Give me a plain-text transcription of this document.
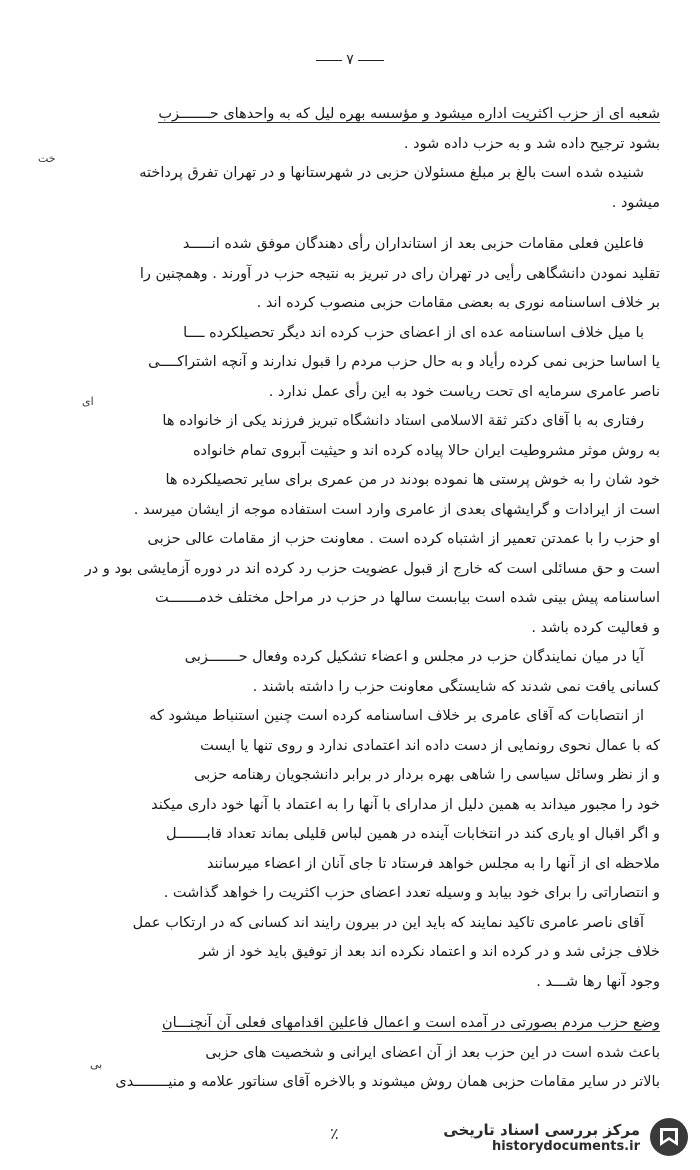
۷
شعبه ای از حزب اکثریت اداره میشود و مؤسسه بهره لیل که به واحدهای حـــــــزب
بشود ترجیح داده شد و به حزب داده شود .
شنیده شده است بالغ بر مبلغ مسئولان حزبی در شهرستانها و در تهران تفرق پرداخته
میشود .
فاعلین فعلی مقامات حزبی بعد از استانداران رأی دهندگان موفق شده انـــــد
تقلید نمودن دانشگاهی رأیی در تهران رای در تبریز به نتیجه حزب در آورند . وهمچنین را
بر خلاف اساسنامه نوری به بعضی مقامات حزبی منصوب کرده اند .
با میل خلاف اساسنامه عده ای از اعضای حزب کرده اند دیگر تحصیلکرده ــــا
یا اساسا حزبی نمی کرده رأیاد و به حال حزب مردم را قبول ندارند و آنچه اشتراکــــی
ناصر عامری سرمایه ای تحت ریاست خود به این رأی عمل ندارد .
رفتاری به با آقای دکتر ثقة الاسلامی استاد دانشگاه تبریز فرزند یکی از خانواده ها
به روش موثر مشروطیت ایران حالا پیاده کرده اند و حیثیت آبروی تمام خانواده
خود شان را به خوش پرستی ها نموده بودند در من عمری برای سایر تحصیلکرده ها
است از ایرادات و گرایشهای بعدی از عامری وارد است استفاده موجه از ایشان میرسد .
او حزب را با عمدتن تعمیر از اشتباه کرده است . معاونت حزب از مقامات عالی حزبی
است و حق مسائلی است که خارج از قبول عضویت حزب رد کرده اند در دوره آزمایشی بود و در
اساسنامه پیش بینی شده است بیابست سالها در حزب در مراحل مختلف خدمـــــــت
و فعالیت کرده باشد .
آیا در میان نمایندگان حزب در مجلس و اعضاء تشکیل کرده وفعال حـــــــزبی
کسانی یافت نمی شدند که شایستگی معاونت حزب را داشته باشند .
از انتصابات که آقای عامری بر خلاف اساسنامه کرده است چنین استنباط میشود که
که با عمال نحوی رونمایی از دست داده اند اعتمادی ندارد و روی تنها یا ایست
و از نظر وسائل سیاسی را شاهی بهره بردار در برابر دانشجویان رهنامه حزبی
خود را مجبور میداند به همین دلیل از مدارای با آنها را به اعتماد با آنها خود داری میکند
و اگر اقبال او یاری کند در انتخابات آینده در همین لباس قلیلی بماند تعداد قابـــــــل
ملاحظه ای از آنها را به مجلس خواهد فرستاد تا جای آنان از اعضاء میرسانند
و انتصاراتی را برای خود بیابد و وسیله تعدد اعضای حزب اکثریت را خواهد گذاشت .
آقای ناصر عامری تاکید نمایند که باید این در بیرون رایند اند کسانی که در ارتکاب عمل
خلاف جزئی شد و در کرده اند و اعتماد نکرده اند بعد از توفیق باید خود از شر
وجود آنها رها شـــد .
وضع حزب مردم بصورتی در آمده است و اعمال فاعلین اقدامهای فعلی آن آنچنـــان
باعث شده است در این حزب بعد از آن اعضای ایرانی و شخصیت های حزبی
بالاتر در سایر مقامات حزبی همان روش میشوند و بالاخره آقای سناتور علامه و منیــــــــدی
خت
ای
بی
٪	مرکز بررسی اسناد تاریخی
historydocuments.ir
